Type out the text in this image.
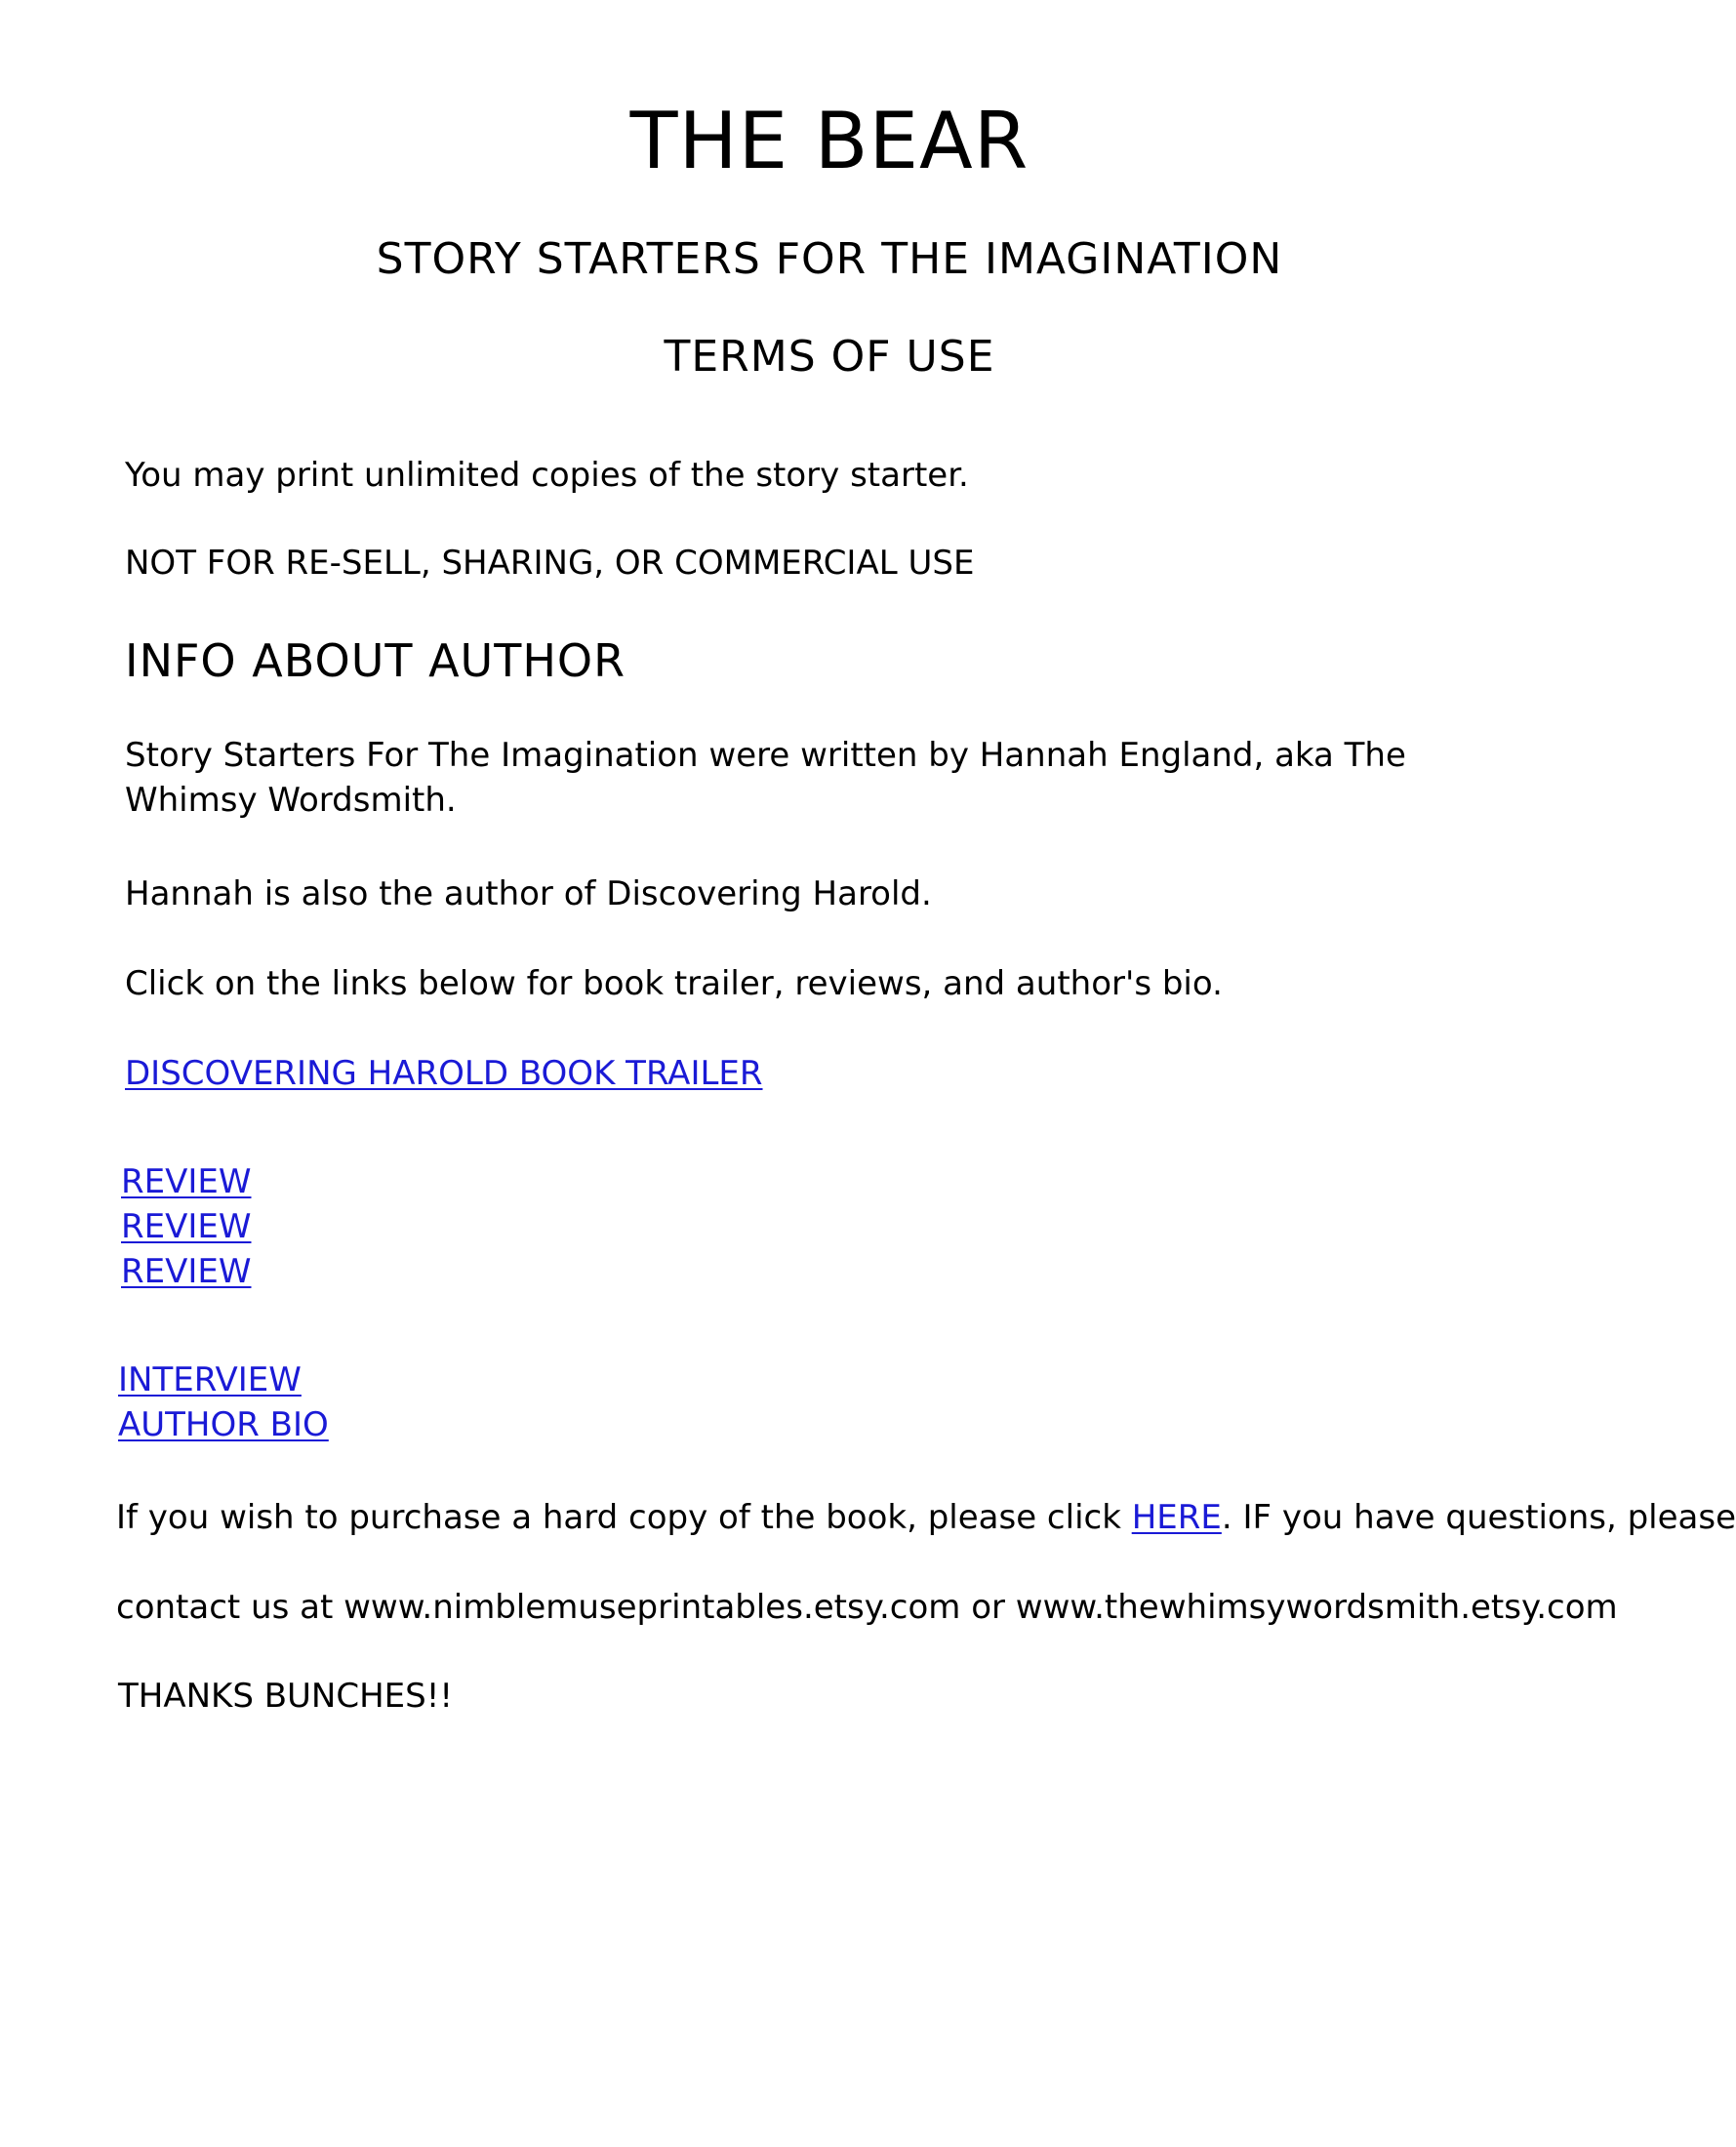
THE BEAR
STORY STARTERS FOR THE IMAGINATION
TERMS OF USE
You may print unlimited copies of the story starter.
NOT FOR RE-SELL, SHARING, OR COMMERCIAL USE
INFO ABOUT AUTHOR
Story Starters For The Imagination were written by Hannah England, aka The Whimsy Wordsmith.
Hannah is also the author of Discovering Harold.
Click on the links below for book trailer, reviews, and author's bio.
DISCOVERING HAROLD BOOK TRAILER
REVIEW
REVIEW
REVIEW
INTERVIEW
AUTHOR BIO
If you wish to purchase a hard copy of the book, please click HERE. IF you have questions, please
contact us at www.nimblemuseprintables.etsy.com or www.thewhimsywordsmith.etsy.com
THANKS BUNCHES!!
